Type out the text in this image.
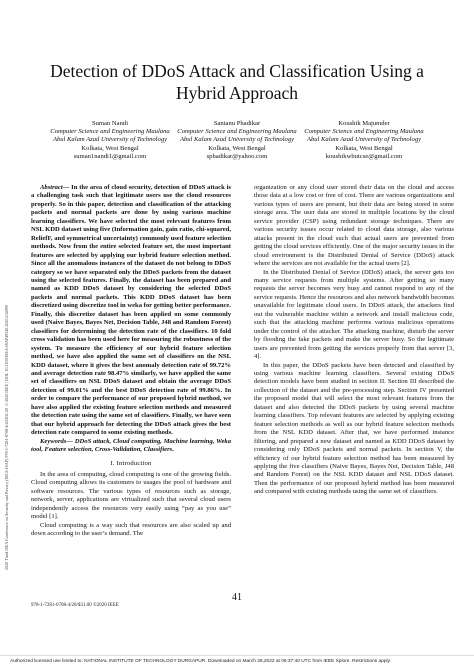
2020 Third ISEA Conference on Security and Privacy (ISEA-ISAP) 978-1-7281-6708-4/20/$31.00 ©2020 IEEE | DOI: 10.1109/ISEA-ISAP49340.2020.234999
Detection of DDoS Attack and Classification Using a Hybrid Approach
Suman Nandi
Computer Science and Engineering Maulana Abul Kalam Azad University of Technology
Kolkata, West Bengal
suman1nandi1@gmail.com
Santanu Phadikar
Computer Science and Engineering Maulana Abul Kalam Azad University of Technology
Kolkata, West Bengal
sphadikar@yahoo.com
Koushik Majumder
Computer Science and Engineering Maulana Abul Kalam Azad University of Technology
Kolkata, West Bengal
koushikwbutcse@gmail.com

Abstract— In the area of cloud security, detection of DDoS attack is a challenging task such that legitimate users use the cloud resources properly. So in this paper, detection and classification of the attacking packets and normal packets are done by using various machine learning classifiers. We have selected the most relevant features from NSL KDD dataset using five (Information gain, gain ratio, chi-squared, ReliefF, and symmetrical uncertainty) commonly used feature selection methods. Now from the entire selected feature set, the most important features are selected by applying our hybrid feature selection method. Since all the anomalous instances of the dataset do not belong to DDoS category so we have separated only the DDoS packets from the dataset using the selected features. Finally, the dataset has been prepared and named as KDD DDoS dataset by considering the selected DDoS packets and normal packets. This KDD DDoS dataset has been discretized using discretize tool in weka for getting better performance. Finally, this discretize dataset has been applied on some commonly used (Naive Bayes, Bayes Net, Decision Table, J48 and Random Forest) classifiers for determining the detection rate of the classifiers. 10 fold cross validation has been used here for measuring the robustness of the system. To measure the efficiency of our hybrid feature selection method, we have also applied the same set of classifiers on the NSL KDD dataset, where it gives the best anomaly detection rate of 99.72% and average detection rate 98.47% similarly, we have applied the same set of classifiers on NSL DDoS dataset and obtain the average DDoS detection of 99.01% and the best DDoS detection rate of 99.86%. In order to compare the performance of our proposed hybrid method, we have also applied the existing feature selection methods and measured the detection rate using the same set of classifiers. Finally, we have seen that our hybrid approach for detecting the DDoS attack gives the best detection rate compared to some existing methods.

Keywords— DDoS attack, Cloud computing, Machine learning, Weka tool, Feature selection, Cross-Validation, Classifiers.

I. Introduction

In the area of computing, cloud computing is one of the growing fields. Cloud computing allows its customers to usages the pool of hardware and software resources. The various types of resources such as storage, network, server, applications are virtualized such that several cloud users independently access the resources very easily using “pay as you use” model [1].

Cloud computing is a way such that resources are also scaled up and down according to the user’s demand. The

organization or any cloud user stored their data on the cloud and access those data at a low cost or free of cost. There are various organizations and various types of users are present, but their data are being stored in some storage area. The user data are stored in multiple locations by the cloud service provider (CSP) using redundant storage techniques. There are various security issues occur related to cloud data storage, also various attacks present in the cloud such that actual users are prevented from getting the cloud services efficiently. One of the major security issues in the cloud environment is the Distributed Denial of Service (DDoS) attack where the services are not available for the actual users [2].

In the Distributed Denial of Service (DDoS) attack, the server gets too many service requests from multiple systems. After getting so many requests the server becomes very busy and cannot respond to any of the service requests. Hence the resources and also network bandwidth becomes unavailable for legitimate cloud users. In DDoS attack, the attackers find out the vulnerable machine within a network and install malicious code, such that the attacking machine performs various malicious operations under the control of the attacker. The attacking machine, disturb the server by flooding the fake packets and make the server busy. So the legitimate users are prevented from getting the services properly from that server [3, 4].

In this paper, the DDoS packets have been detected and classified by using various machine learning classifiers. Several existing DDoS detection models have been studied in section II. Section III described the collection of the dataset and the pre-processing step. Section IV presented the proposed model that will select the most relevant features from the dataset and also detected the DDoS packets by using several machine learning classifiers. Top relevant features are selected by applying existing feature selection methods as well as our hybrid feature selection methods from the NSL KDD dataset. After that, we have performed instance filtering, and prepared a new dataset and named as KDD DDoS dataset by considering only DDoS packets and normal packets. In section V, the efficiency of our hybrid feature selection method has been measured by applying the five classifiers (Naive Bayes, Bayes Net, Decision Table, J48 and Random Forest) on the NSL KDD dataset and NSL DDoS dataset. Then the performance of our proposed hybrid method has been measured and compared with existing methods using the same set of classifiers.

41
978-1-7281-6708-4/20/$31.00 ©2020 IEEE
Authorized licensed use limited to: NATIONAL INSTITUTE OF TECHNOLOGY DURGAPUR. Downloaded on March 28,2022 at 06:37:40 UTC from IEEE Xplore. Restrictions apply.
